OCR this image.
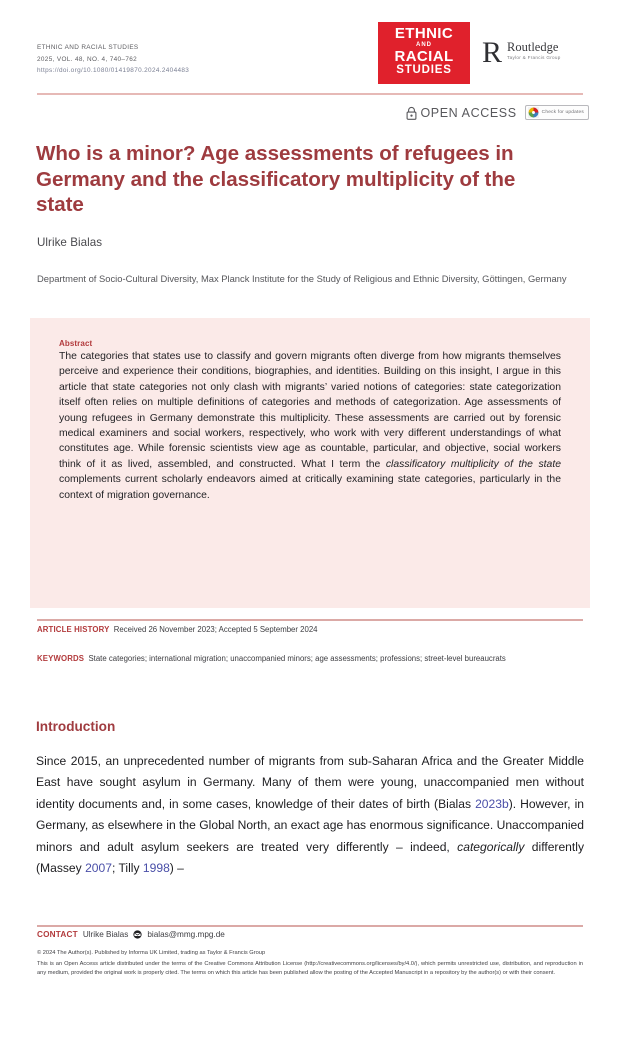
ETHNIC AND RACIAL STUDIES
2025, VOL. 48, NO. 4, 740–762
https://doi.org/10.1080/01419870.2024.2404483
ETHNIC
AND
RACIAL
STUDIES
R Routledge
Taylor & Francis Group
OPEN ACCESS	Check for updates
Who is a minor? Age assessments of refugees in Germany and the classificatory multiplicity of the state
Ulrike Bialas
Department of Socio-Cultural Diversity, Max Planck Institute for the Study of Religious and Ethnic Diversity, Göttingen, Germany
Abstract
The categories that states use to classify and govern migrants often diverge from how migrants themselves perceive and experience their conditions, biographies, and identities. Building on this insight, I argue in this article that state categories not only clash with migrants’ varied notions of categories: state categorization itself often relies on multiple definitions of categories and methods of categorization. Age assessments of young refugees in Germany demonstrate this multiplicity. These assessments are carried out by forensic medical examiners and social workers, respectively, who work with very different understandings of what constitutes age. While forensic scientists view age as countable, particular, and objective, social workers think of it as lived, assembled, and constructed. What I term the classificatory multiplicity of the state complements current scholarly endeavors aimed at critically examining state categories, particularly in the context of migration governance.
ARTICLE HISTORY Received 26 November 2023; Accepted 5 September 2024
KEYWORDS State categories; international migration; unaccompanied minors; age assessments; professions; street-level bureaucrats
Introduction
Since 2015, an unprecedented number of migrants from sub-Saharan Africa and the Greater Middle East have sought asylum in Germany. Many of them were young, unaccompanied men without identity documents and, in some cases, knowledge of their dates of birth (Bialas 2023b). However, in Germany, as elsewhere in the Global North, an exact age has enormous significance. Unaccompanied minors and adult asylum seekers are treated very differently – indeed, categorically differently (Massey 2007; Tilly 1998) –
CONTACT Ulrike Bialas bialas@mmg.mpg.de
© 2024 The Author(s). Published by Informa UK Limited, trading as Taylor & Francis Group
This is an Open Access article distributed under the terms of the Creative Commons Attribution License (http://creativecommons.org/licenses/by/4.0/), which permits unrestricted use, distribution, and reproduction in any medium, provided the original work is properly cited. The terms on which this article has been published allow the posting of the Accepted Manuscript in a repository by the author(s) or with their consent.
